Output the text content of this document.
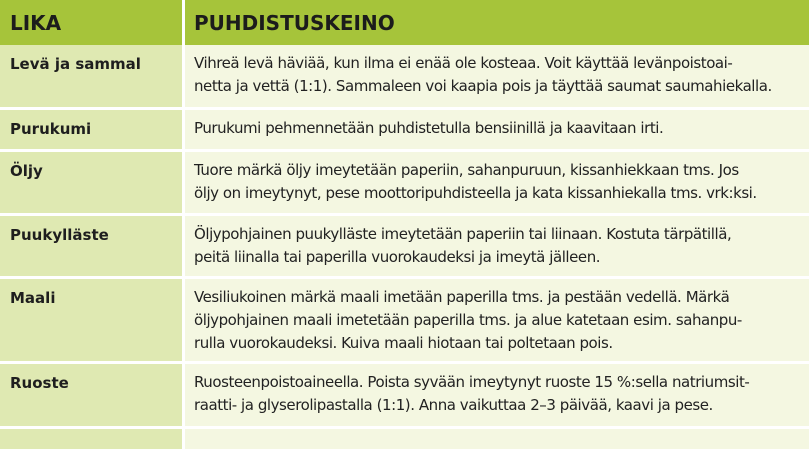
LIKA	PUHDISTUSKEINO
Levä ja sammal	Vihreä levä häviää, kun ilma ei enää ole kosteaa. Voit käyttää levänpoistoai-
netta ja vettä (1:1). Sammaleen voi kaapia pois ja täyttää saumat saumahiekalla.
Purukumi	Purukumi pehmennetään puhdistetulla bensiinillä ja kaavitaan irti.
Öljy	Tuore märkä öljy imeytetään paperiin, sahanpuruun, kissanhiekkaan tms. Jos
öljy on imeytynyt, pese moottoripuhdisteella ja kata kissanhiekalla tms. vrk:ksi.
Puukylläste	Öljypohjainen puukylläste imeytetään paperiin tai liinaan. Kostuta tärpätillä,
peitä liinalla tai paperilla vuorokaudeksi ja imeytä jälleen.
Maali	Vesiliukoinen märkä maali imetään paperilla tms. ja pestään vedellä. Märkä
öljypohjainen maali imetetään paperilla tms. ja alue katetaan esim. sahanpu-
rulla vuorokaudeksi. Kuiva maali hiotaan tai poltetaan pois.
Ruoste	Ruosteenpoistoaineella. Poista syvään imeytynyt ruoste 15 %:sella natriumsit-
raatti- ja glyserolipastalla (1:1). Anna vaikuttaa 2–3 päivää, kaavi ja pese.
